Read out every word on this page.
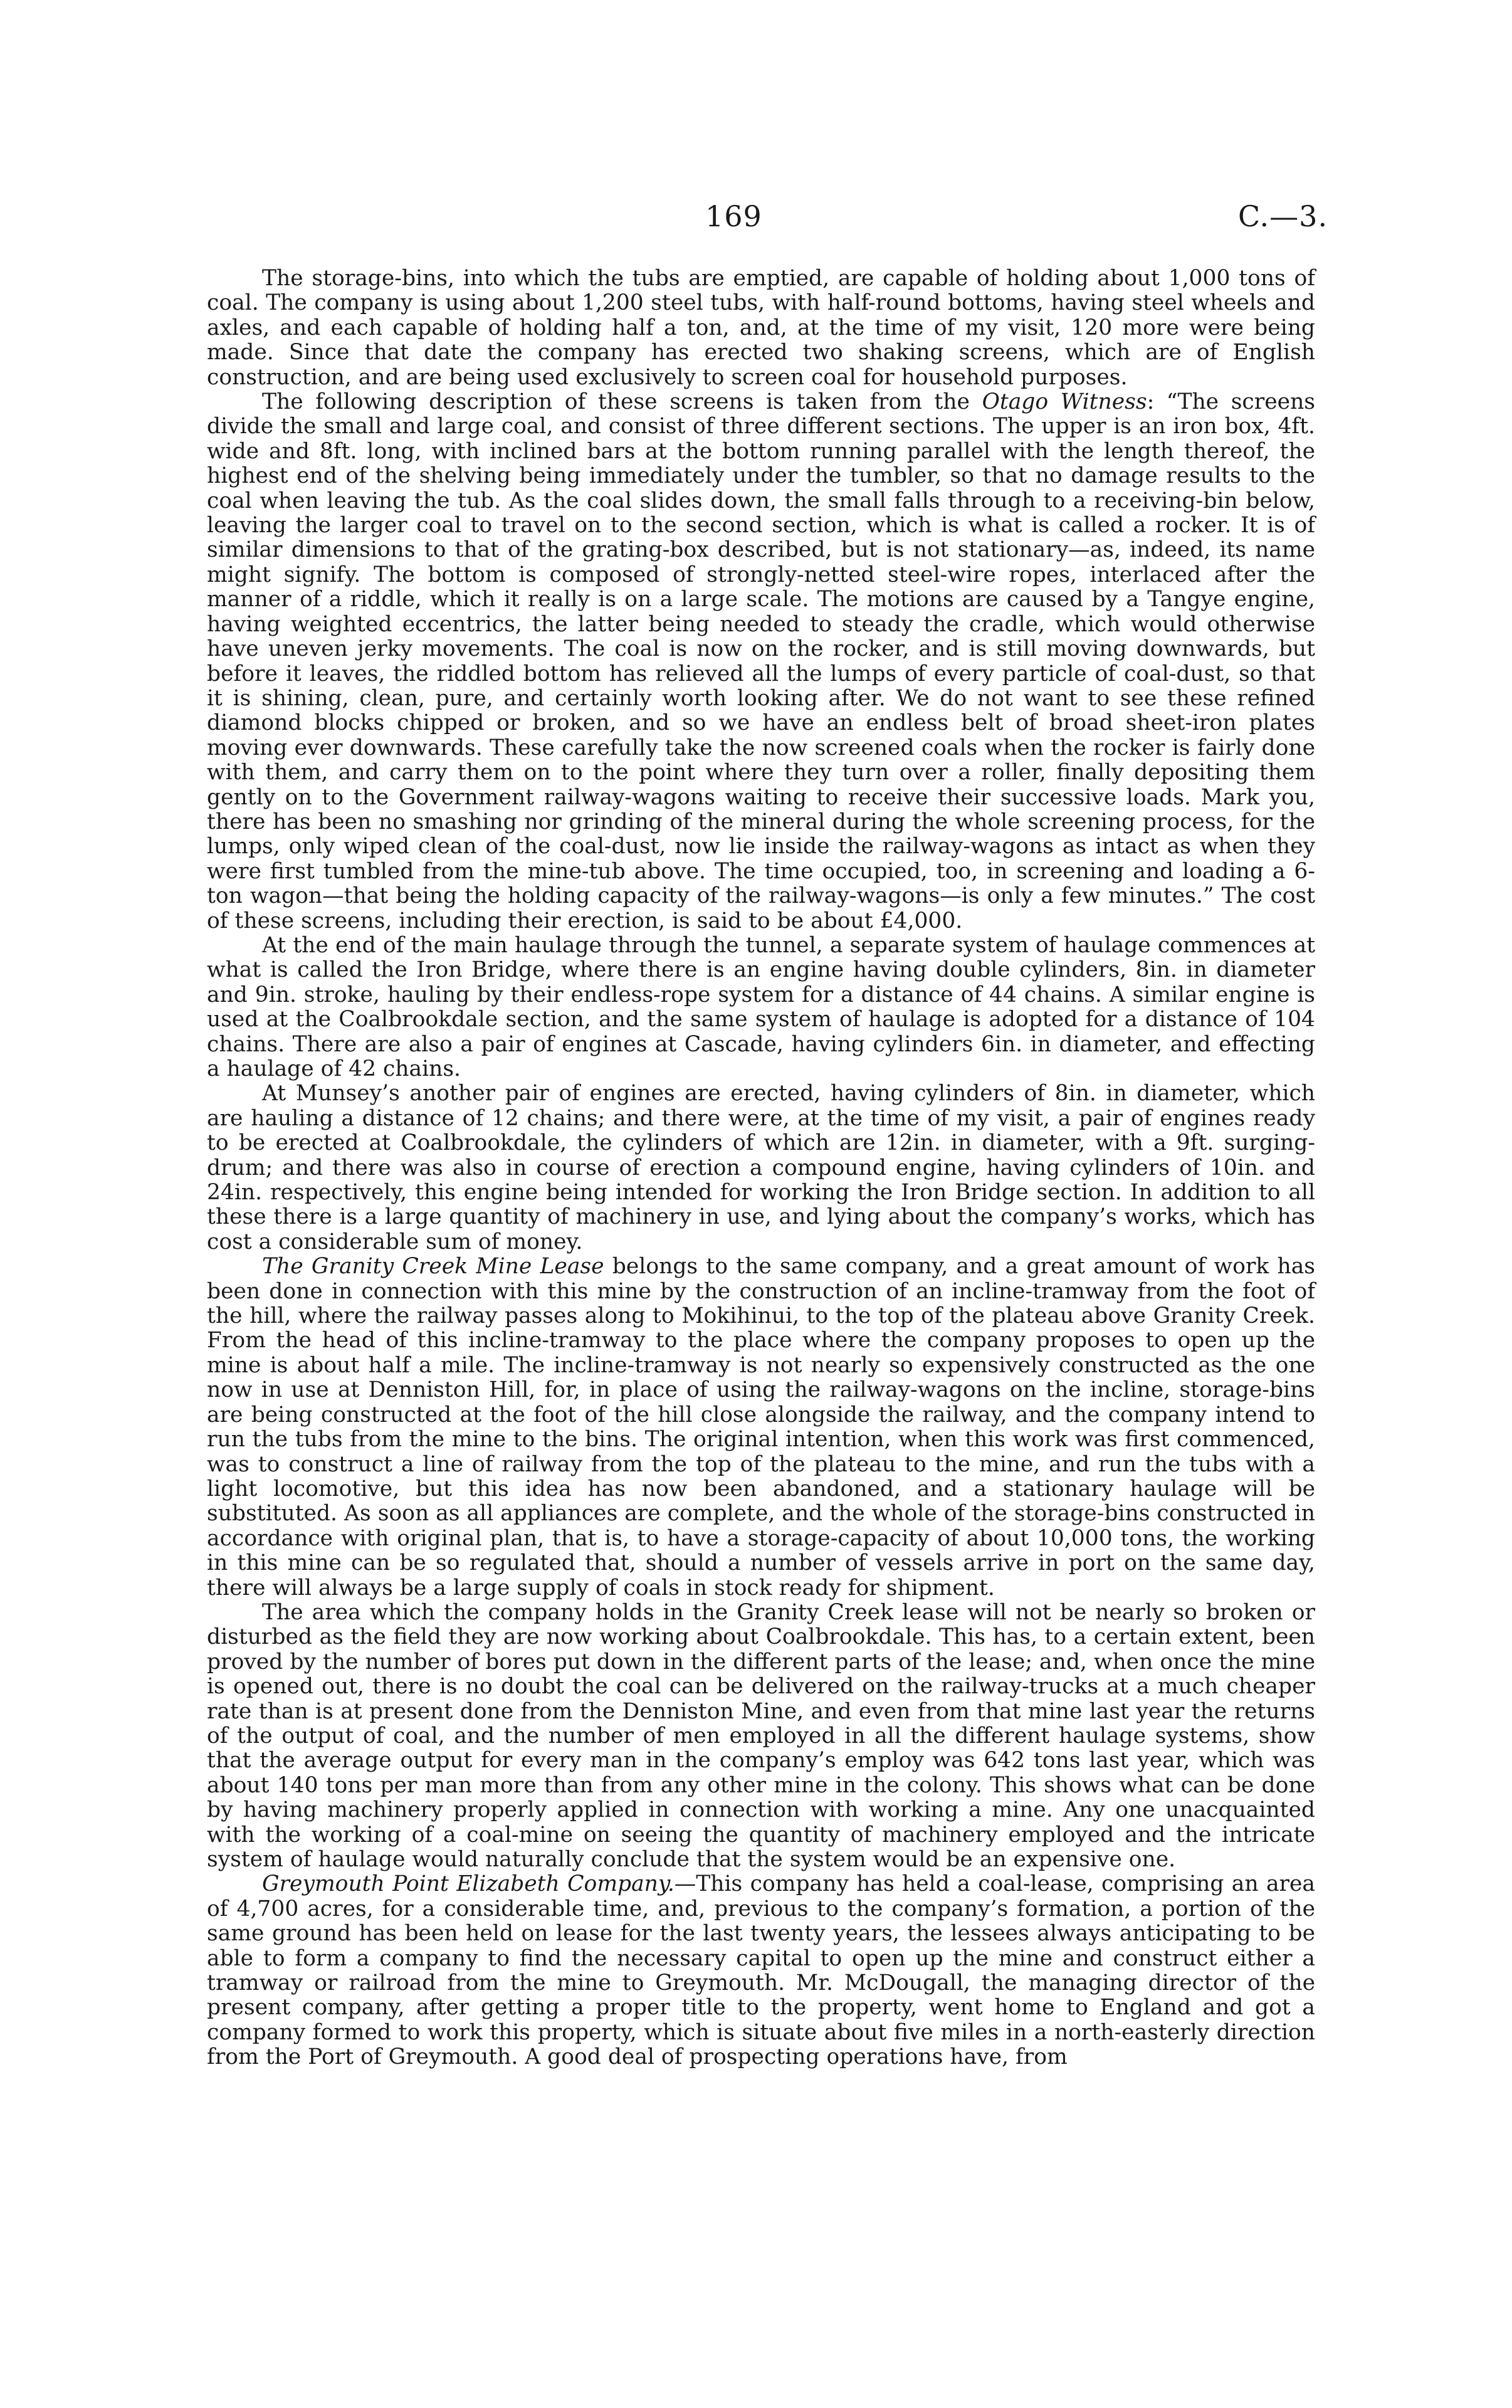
169	C.—3.

The storage-bins, into which the tubs are emptied, are capable of holding about 1,000 tons of coal. The company is using about 1,200 steel tubs, with half-round bottoms, having steel wheels and axles, and each capable of holding half a ton, and, at the time of my visit, 120 more were being made. Since that date the company has erected two shaking screens, which are of English construction, and are being used exclusively to screen coal for household purposes.

The following description of these screens is taken from the Otago Witness: “The screens divide the small and large coal, and consist of three different sections. The upper is an iron box, 4ft. wide and 8ft. long, with inclined bars at the bottom running parallel with the length thereof, the highest end of the shelving being immediately under the tumbler, so that no damage results to the coal when leaving the tub. As the coal slides down, the small falls through to a receiving-bin below, leaving the larger coal to travel on to the second section, which is what is called a rocker. It is of similar dimensions to that of the grating-box described, but is not stationary—as, indeed, its name might signify. The bottom is composed of strongly-netted steel-wire ropes, interlaced after the manner of a riddle, which it really is on a large scale. The motions are caused by a Tangye engine, having weighted eccentrics, the latter being needed to steady the cradle, which would otherwise have uneven jerky movements. The coal is now on the rocker, and is still moving downwards, but before it leaves, the riddled bottom has relieved all the lumps of every particle of coal-dust, so that it is shining, clean, pure, and certainly worth looking after. We do not want to see these refined diamond blocks chipped or broken, and so we have an endless belt of broad sheet-iron plates moving ever downwards. These carefully take the now screened coals when the rocker is fairly done with them, and carry them on to the point where they turn over a roller, finally depositing them gently on to the Government railway-wagons waiting to receive their successive loads. Mark you, there has been no smashing nor grinding of the mineral during the whole screening process, for the lumps, only wiped clean of the coal-dust, now lie inside the railway-wagons as intact as when they were first tumbled from the mine-tub above. The time occupied, too, in screening and loading a 6-ton wagon—that being the holding capacity of the railway-wagons—is only a few minutes.” The cost of these screens, including their erection, is said to be about £4,000.

At the end of the main haulage through the tunnel, a separate system of haulage commences at what is called the Iron Bridge, where there is an engine having double cylinders, 8in. in diameter and 9in. stroke, hauling by their endless-rope system for a distance of 44 chains. A similar engine is used at the Coalbrookdale section, and the same system of haulage is adopted for a distance of 104 chains. There are also a pair of engines at Cascade, having cylinders 6in. in diameter, and effecting a haulage of 42 chains.

At Munsey’s another pair of engines are erected, having cylinders of 8in. in diameter, which are hauling a distance of 12 chains; and there were, at the time of my visit, a pair of engines ready to be erected at Coalbrookdale, the cylinders of which are 12in. in diameter, with a 9ft. surging-drum; and there was also in course of erection a compound engine, having cylinders of 10in. and 24in. respectively, this engine being intended for working the Iron Bridge section. In addition to all these there is a large quantity of machinery in use, and lying about the company’s works, which has cost a considerable sum of money.

The Granity Creek Mine Lease belongs to the same company, and a great amount of work has been done in connection with this mine by the construction of an incline-tramway from the foot of the hill, where the railway passes along to Mokihinui, to the top of the plateau above Granity Creek. From the head of this incline-tramway to the place where the company proposes to open up the mine is about half a mile. The incline-tramway is not nearly so expensively constructed as the one now in use at Denniston Hill, for, in place of using the railway-wagons on the incline, storage-bins are being constructed at the foot of the hill close alongside the railway, and the company intend to run the tubs from the mine to the bins. The original intention, when this work was first commenced, was to construct a line of railway from the top of the plateau to the mine, and run the tubs with a light locomotive, but this idea has now been abandoned, and a stationary haulage will be substituted. As soon as all appliances are complete, and the whole of the storage-bins constructed in accordance with original plan, that is, to have a storage-capacity of about 10,000 tons, the working in this mine can be so regulated that, should a number of vessels arrive in port on the same day, there will always be a large supply of coals in stock ready for shipment.

The area which the company holds in the Granity Creek lease will not be nearly so broken or disturbed as the field they are now working about Coalbrookdale. This has, to a certain extent, been proved by the number of bores put down in the different parts of the lease; and, when once the mine is opened out, there is no doubt the coal can be delivered on the railway-trucks at a much cheaper rate than is at present done from the Denniston Mine, and even from that mine last year the returns of the output of coal, and the number of men employed in all the different haulage systems, show that the average output for every man in the company’s employ was 642 tons last year, which was about 140 tons per man more than from any other mine in the colony. This shows what can be done by having machinery properly applied in connection with working a mine. Any one unacquainted with the working of a coal-mine on seeing the quantity of machinery employed and the intricate system of haulage would naturally conclude that the system would be an expensive one.

Greymouth Point Elizabeth Company.—This company has held a coal-lease, comprising an area of 4,700 acres, for a considerable time, and, previous to the company’s formation, a portion of the same ground has been held on lease for the last twenty years, the lessees always anticipating to be able to form a company to find the necessary capital to open up the mine and construct either a tramway or railroad from the mine to Greymouth. Mr. McDougall, the managing director of the present company, after getting a proper title to the property, went home to England and got a company formed to work this property, which is situate about five miles in a north-easterly direction from the Port of Greymouth. A good deal of prospecting operations have, from
